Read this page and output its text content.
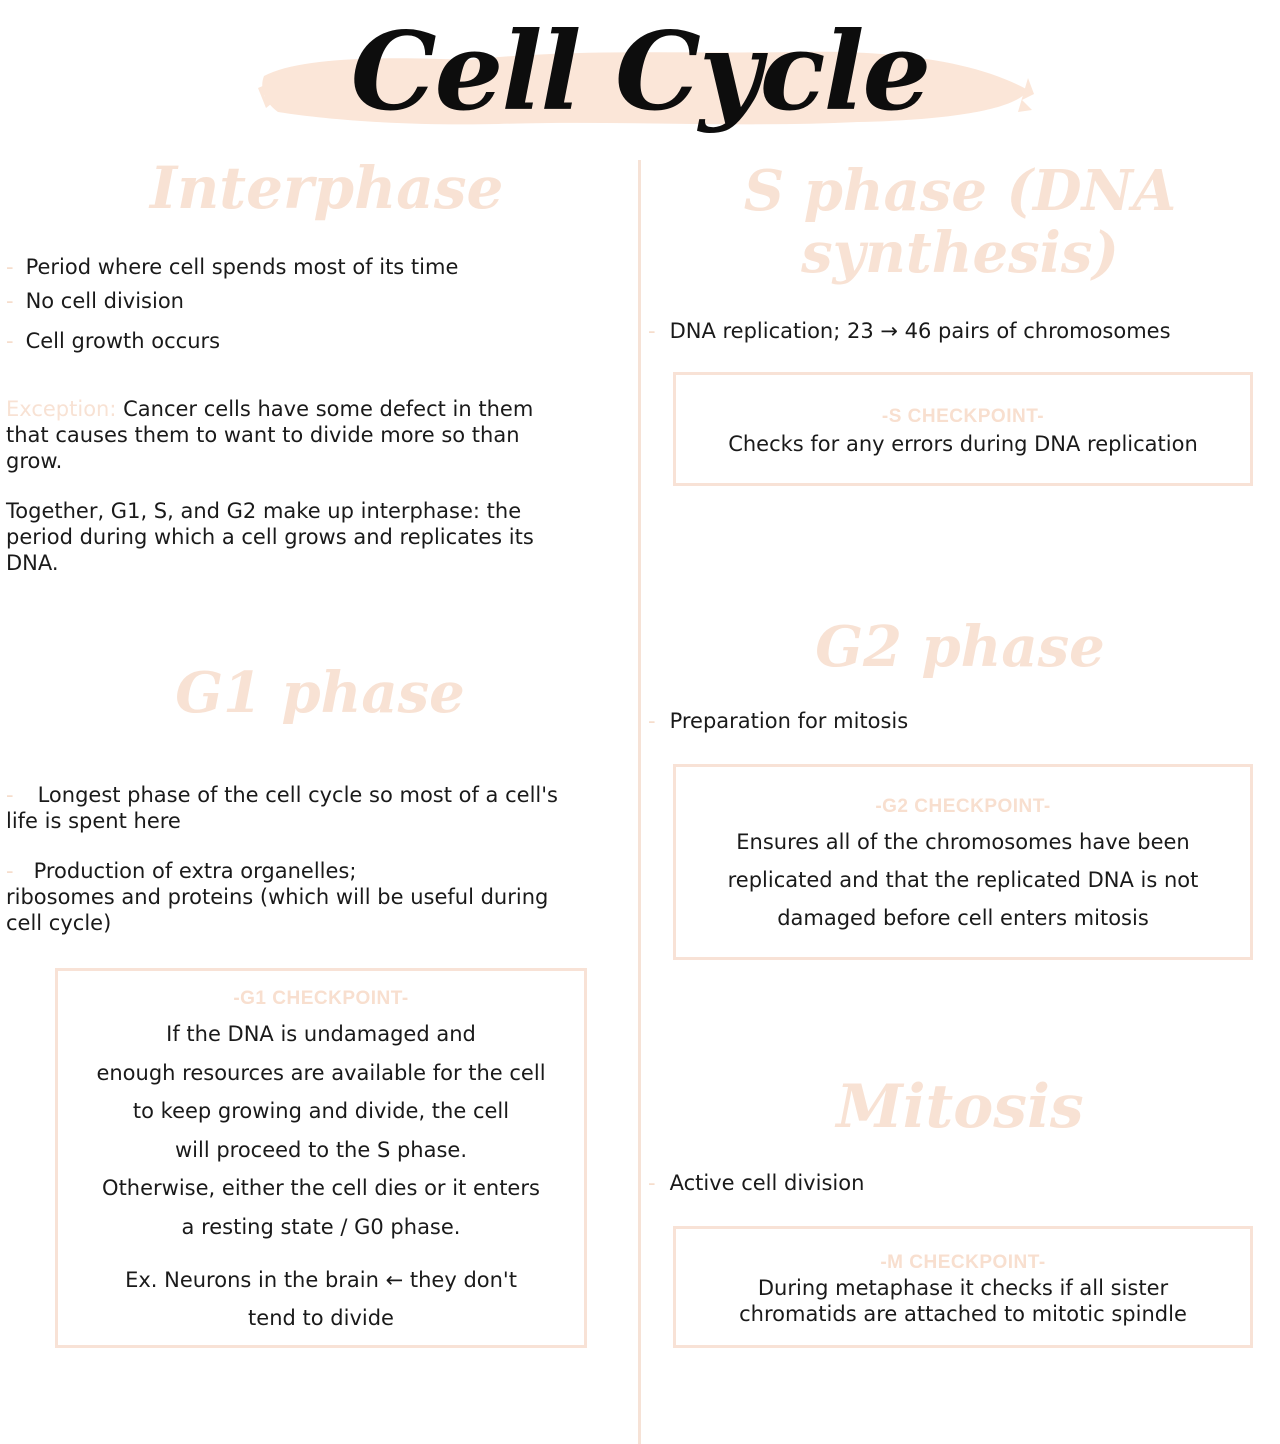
Cell Cycle
Interphase
- Period where cell spends most of its time
- No cell division
- Cell growth occurs
Exception: Cancer cells have some defect in them
that causes them to want to divide more so than
grow.
Together, G1, S, and G2 make up interphase: the
period during which a cell grows and replicates its
DNA.
G1 phase
- Longest phase of the cell cycle so most of a cell's
life is spent here
- Production of extra organelles;
ribosomes and proteins (which will be useful during
cell cycle)
-G1 CHECKPOINT-
If the DNA is undamaged and
enough resources are available for the cell
to keep growing and divide, the cell
will proceed to the S phase.
Otherwise, either the cell dies or it enters
a resting state / G0 phase.
Ex. Neurons in the brain ← they don't
tend to divide
S phase (DNA
synthesis)
- DNA replication; 23 → 46 pairs of chromosomes
-S CHECKPOINT-
Checks for any errors during DNA replication
G2 phase
- Preparation for mitosis
-G2 CHECKPOINT-
Ensures all of the chromosomes have been
replicated and that the replicated DNA is not
damaged before cell enters mitosis
Mitosis
- Active cell division
-M CHECKPOINT-
During metaphase it checks if all sister
chromatids are attached to mitotic spindle
